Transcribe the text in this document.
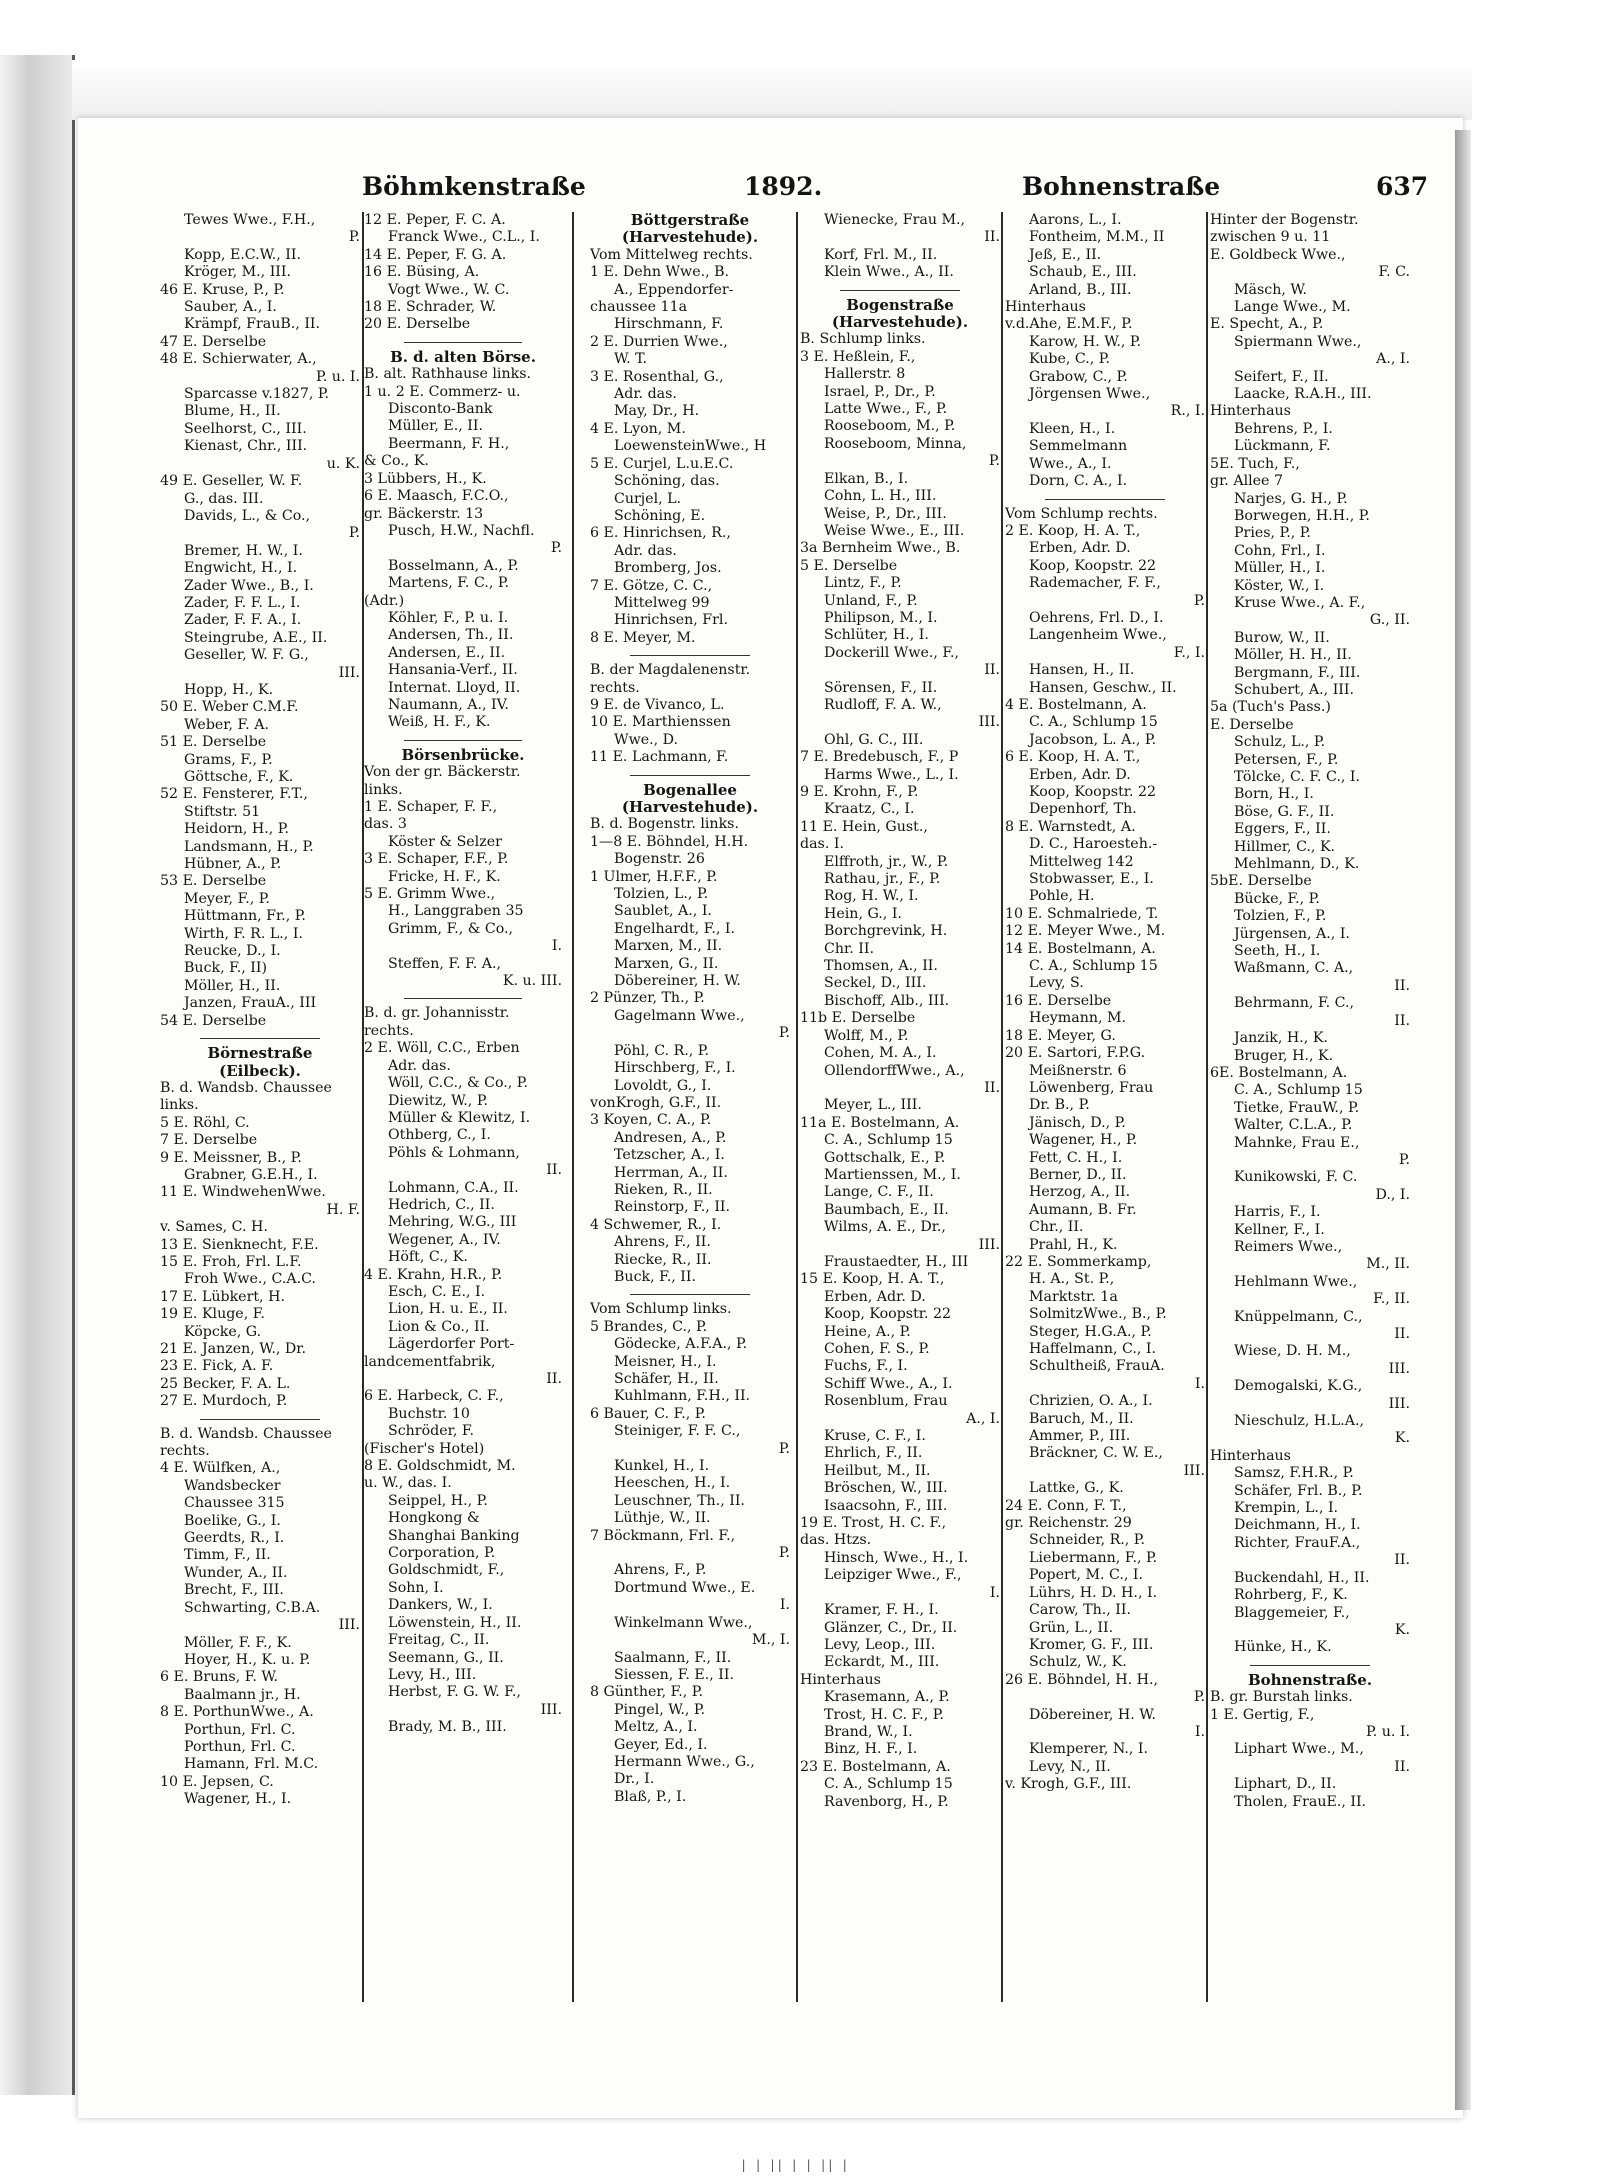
Böhmkenstraße	1892.	Bohnenstraße	637
Tewes Wwe., F.H.,
P.
Kopp, E.C.W., II.
Kröger, M., III.
46 E. Kruse, P., P.
Sauber, A., I.
Krämpf, FrauB., II.
47 E. Derselbe
48 E. Schierwater, A.,
P. u. I.
Sparcasse v.1827, P.
Blume, H., II.
Seelhorst, C., III.
Kienast, Chr., III.
u. K.
49 E. Geseller, W. F.
G., das. III.
Davids, L., & Co.,
P.
Bremer, H. W., I.
Engwicht, H., I.
Zader Wwe., B., I.
Zader, F. F. L., I.
Zader, F. F. A., I.
Steingrube, A.E., II.
Geseller, W. F. G.,
III.
Hopp, H., K.
50 E. Weber C.M.F.
Weber, F. A.
51 E. Derselbe
Grams, F., P.
Göttsche, F., K.
52 E. Fensterer, F.T.,
Stiftstr. 51
Heidorn, H., P.
Landsmann, H., P.
Hübner, A., P.
53 E. Derselbe
Meyer, F., P.
Hüttmann, Fr., P.
Wirth, F. R. L., I.
Reucke, D., I.
Buck, F., II)
Möller, H., II.
Janzen, FrauA., III
54 E. Derselbe
Börnestraße
(Eilbeck).
B. d. Wandsb. Chaussee
links.
5 E. Röhl, C.
7 E. Derselbe
9 E. Meissner, B., P.
Grabner, G.E.H., I.
11 E. WindwehenWwe.
H. F.
v. Sames, C. H.
13 E. Sienknecht, F.E.
15 E. Froh, Frl. L.F.
Froh Wwe., C.A.C.
17 E. Lübkert, H.
19 E. Kluge, F.
Köpcke, G.
21 E. Janzen, W., Dr.
23 E. Fick, A. F.
25 Becker, F. A. L.
27 E. Murdoch, P.
B. d. Wandsb. Chaussee
rechts.
4 E. Wülfken, A.,
Wandsbecker
Chaussee 315
Boelike, G., I.
Geerdts, R., I.
Timm, F., II.
Wunder, A., II.
Brecht, F., III.
Schwarting, C.B.A.
III.
Möller, F. F., K.
Hoyer, H., K. u. P.
6 E. Bruns, F. W.
Baalmann jr., H.
8 E. PorthunWwe., A.
Porthun, Frl. C.
Porthun, Frl. C.
Hamann, Frl. M.C.
10 E. Jepsen, C.
Wagener, H., I.
12 E. Peper, F. C. A.
Franck Wwe., C.L., I.
14 E. Peper, F. G. A.
16 E. Büsing, A.
Vogt Wwe., W. C.
18 E. Schrader, W.
20 E. Derselbe
B. d. alten Börse.
B. alt. Rathhause links.
1 u. 2 E. Commerz- u.
Disconto-Bank
Müller, E., II.
Beermann, F. H.,
& Co., K.
3 Lübbers, H., K.
6 E. Maasch, F.C.O.,
gr. Bäckerstr. 13
Pusch, H.W., Nachfl.
P.
Bosselmann, A., P.
Martens, F. C., P.
(Adr.)
Köhler, F., P. u. I.
Andersen, Th., II.
Andersen, E., II.
Hansania-Verf., II.
Internat. Lloyd, II.
Naumann, A., IV.
Weiß, H. F., K.
Börsenbrücke.
Von der gr. Bäckerstr.
links.
1 E. Schaper, F. F.,
das. 3
Köster & Selzer
3 E. Schaper, F.F., P.
Fricke, H. F., K.
5 E. Grimm Wwe.,
H., Langgraben 35
Grimm, F., & Co.,
I.
Steffen, F. F. A.,
K. u. III.
B. d. gr. Johannisstr.
rechts.
2 E. Wöll, C.C., Erben
Adr. das.
Wöll, C.C., & Co., P.
Diewitz, W., P.
Müller & Klewitz, I.
Othberg, C., I.
Pöhls & Lohmann,
II.
Lohmann, C.A., II.
Hedrich, C., II.
Mehring, W.G., III
Wegener, A., IV.
Höft, C., K.
4 E. Krahn, H.R., P.
Esch, C. E., I.
Lion, H. u. E., II.
Lion & Co., II.
Lägerdorfer Port-
landcementfabrik,
II.
6 E. Harbeck, C. F.,
Buchstr. 10
Schröder, F.
(Fischer's Hotel)
8 E. Goldschmidt, M.
u. W., das. I.
Seippel, H., P.
Hongkong &
Shanghai Banking
Corporation, P.
Goldschmidt, F.,
Sohn, I.
Dankers, W., I.
Löwenstein, H., II.
Freitag, C., II.
Seemann, G., II.
Levy, H., III.
Herbst, F. G. W. F.,
III.
Brady, M. B., III.
Böttgerstraße
(Harvestehude).
Vom Mittelweg rechts.
1 E. Dehn Wwe., B.
A., Eppendorfer-
chaussee 11a
Hirschmann, F.
2 E. Durrien Wwe.,
W. T.
3 E. Rosenthal, G.,
Adr. das.
May, Dr., H.
4 E. Lyon, M.
LoewensteinWwe., H
5 E. Curjel, L.u.E.C.
Schöning, das.
Curjel, L.
Schöning, E.
6 E. Hinrichsen, R.,
Adr. das.
Bromberg, Jos.
7 E. Götze, C. C.,
Mittelweg 99
Hinrichsen, Frl.
8 E. Meyer, M.
B. der Magdalenenstr.
rechts.
9 E. de Vivanco, L.
10 E. Marthienssen
Wwe., D.
11 E. Lachmann, F.
Bogenallee
(Harvestehude).
B. d. Bogenstr. links.
1—8 E. Böhndel, H.H.
Bogenstr. 26
1 Ulmer, H.F.F., P.
Tolzien, L., P.
Saublet, A., I.
Engelhardt, F., I.
Marxen, M., II.
Marxen, G., II.
Döbereiner, H. W.
2 Pünzer, Th., P.
Gagelmann Wwe.,
P.
Pöhl, C. R., P.
Hirschberg, F., I.
Lovoldt, G., I.
vonKrogh, G.F., II.
3 Koyen, C. A., P.
Andresen, A., P.
Tetzscher, A., I.
Herrman, A., II.
Rieken, R., II.
Reinstorp, F., II.
4 Schwemer, R., I.
Ahrens, F., II.
Riecke, R., II.
Buck, F., II.
Vom Schlump links.
5 Brandes, C., P.
Gödecke, A.F.A., P.
Meisner, H., I.
Schäfer, H., II.
Kuhlmann, F.H., II.
6 Bauer, C. F., P.
Steiniger, F. F. C.,
P.
Kunkel, H., I.
Heeschen, H., I.
Leuschner, Th., II.
Lüthje, W., II.
7 Böckmann, Frl. F.,
P.
Ahrens, F., P.
Dortmund Wwe., E.
I.
Winkelmann Wwe.,
M., I.
Saalmann, F., II.
Siessen, F. E., II.
8 Günther, F., P.
Pingel, W., P.
Meltz, A., I.
Geyer, Ed., I.
Hermann Wwe., G.,
Dr., I.
Blaß, P., I.
Wienecke, Frau M.,
II.
Korf, Frl. M., II.
Klein Wwe., A., II.
Bogenstraße
(Harvestehude).
B. Schlump links.
3 E. Heßlein, F.,
Hallerstr. 8
Israel, P., Dr., P.
Latte Wwe., F., P.
Rooseboom, M., P.
Rooseboom, Minna,
P.
Elkan, B., I.
Cohn, L. H., III.
Weise, P., Dr., III.
Weise Wwe., E., III.
3a Bernheim Wwe., B.
5 E. Derselbe
Lintz, F., P.
Unland, F., P.
Philipson, M., I.
Schlüter, H., I.
Dockerill Wwe., F.,
II.
Sörensen, F., II.
Rudloff, F. A. W.,
III.
Ohl, G. C., III.
7 E. Bredebusch, F., P
Harms Wwe., L., I.
9 E. Krohn, F., P.
Kraatz, C., I.
11 E. Hein, Gust.,
das. I.
Elffroth, jr., W., P.
Rathau, jr., F., P.
Rog, H. W., I.
Hein, G., I.
Borchgrevink, H.
Chr. II.
Thomsen, A., II.
Seckel, D., III.
Bischoff, Alb., III.
11b E. Derselbe
Wolff, M., P.
Cohen, M. A., I.
OllendorffWwe., A.,
II.
Meyer, L., III.
11a E. Bostelmann, A.
C. A., Schlump 15
Gottschalk, E., P.
Martienssen, M., I.
Lange, C. F., II.
Baumbach, E., II.
Wilms, A. E., Dr.,
III.
Fraustaedter, H., III
15 E. Koop, H. A. T.,
Erben, Adr. D.
Koop, Koopstr. 22
Heine, A., P.
Cohen, F. S., P.
Fuchs, F., I.
Schiff Wwe., A., I.
Rosenblum, Frau
A., I.
Kruse, C. F., I.
Ehrlich, F., II.
Heilbut, M., II.
Bröschen, W., III.
Isaacsohn, F., III.
19 E. Trost, H. C. F.,
das. Htzs.
Hinsch, Wwe., H., I.
Leipziger Wwe., F.,
I.
Kramer, F. H., I.
Glänzer, C., Dr., II.
Levy, Leop., III.
Eckardt, M., III.
Hinterhaus
Krasemann, A., P.
Trost, H. C. F., P.
Brand, W., I.
Binz, H. F., I.
23 E. Bostelmann, A.
C. A., Schlump 15
Ravenborg, H., P.
Aarons, L., I.
Fontheim, M.M., II
Jeß, E., II.
Schaub, E., III.
Arland, B., III.
Hinterhaus
v.d.Ahe, E.M.F., P.
Karow, H. W., P.
Kube, C., P.
Grabow, C., P.
Jörgensen Wwe.,
R., I.
Kleen, H., I.
Semmelmann
Wwe., A., I.
Dorn, C. A., I.
Vom Schlump rechts.
2 E. Koop, H. A. T.,
Erben, Adr. D.
Koop, Koopstr. 22
Rademacher, F. F.,
P.
Oehrens, Frl. D., I.
Langenheim Wwe.,
F., I.
Hansen, H., II.
Hansen, Geschw., II.
4 E. Bostelmann, A.
C. A., Schlump 15
Jacobson, L. A., P.
6 E. Koop, H. A. T.,
Erben, Adr. D.
Koop, Koopstr. 22
Depenhorf, Th.
8 E. Warnstedt, A.
D. C., Haroesteh.-
Mittelweg 142
Stobwasser, E., I.
Pohle, H.
10 E. Schmalriede, T.
12 E. Meyer Wwe., M.
14 E. Bostelmann, A.
C. A., Schlump 15
Levy, S.
16 E. Derselbe
Heymann, M.
18 E. Meyer, G.
20 E. Sartori, F.P.G.
Meißnerstr. 6
Löwenberg, Frau
Dr. B., P.
Jänisch, D., P.
Wagener, H., P.
Fett, C. H., I.
Berner, D., II.
Herzog, A., II.
Aumann, B. Fr.
Chr., II.
Prahl, H., K.
22 E. Sommerkamp,
H. A., St. P.,
Marktstr. 1a
SolmitzWwe., B., P.
Steger, H.G.A., P.
Haffelmann, C., I.
Schultheiß, FrauA.
I.
Chrizien, O. A., I.
Baruch, M., II.
Ammer, P., III.
Bräckner, C. W. E.,
III.
Lattke, G., K.
24 E. Conn, F. T.,
gr. Reichenstr. 29
Schneider, R., P.
Liebermann, F., P.
Popert, M. C., I.
Lührs, H. D. H., I.
Carow, Th., II.
Grün, L., II.
Kromer, G. F., III.
Schulz, W., K.
26 E. Böhndel, H. H.,
P.
Döbereiner, H. W.
I.
Klemperer, N., I.
Levy, N., II.
v. Krogh, G.F., III.
Hinter der Bogenstr.
zwischen 9 u. 11
E. Goldbeck Wwe.,
F. C.
Mäsch, W.
Lange Wwe., M.
E. Specht, A., P.
Spiermann Wwe.,
A., I.
Seifert, F., II.
Laacke, R.A.H., III.
Hinterhaus
Behrens, P., I.
Lückmann, F.
5E. Tuch, F.,
gr. Allee 7
Narjes, G. H., P.
Borwegen, H.H., P.
Pries, P., P.
Cohn, Frl., I.
Müller, H., I.
Köster, W., I.
Kruse Wwe., A. F.,
G., II.
Burow, W., II.
Möller, H. H., II.
Bergmann, F., III.
Schubert, A., III.
5a (Tuch's Pass.)
E. Derselbe
Schulz, L., P.
Petersen, F., P.
Tölcke, C. F. C., I.
Born, H., I.
Böse, G. F., II.
Eggers, F., II.
Hillmer, C., K.
Mehlmann, D., K.
5bE. Derselbe
Bücke, F., P.
Tolzien, F., P.
Jürgensen, A., I.
Seeth, H., I.
Waßmann, C. A.,
II.
Behrmann, F. C.,
II.
Janzik, H., K.
Bruger, H., K.
6E. Bostelmann, A.
C. A., Schlump 15
Tietke, FrauW., P.
Walter, C.L.A., P.
Mahnke, Frau E.,
P.
Kunikowski, F. C.
D., I.
Harris, F., I.
Kellner, F., I.
Reimers Wwe.,
M., II.
Hehlmann Wwe.,
F., II.
Knüppelmann, C.,
II.
Wiese, D. H. M.,
III.
Demogalski, K.G.,
III.
Nieschulz, H.L.A.,
K.
Hinterhaus
Samsz, F.H.R., P.
Schäfer, Frl. B., P.
Krempin, L., I.
Deichmann, H., I.
Richter, FrauF.A.,
II.
Buckendahl, H., II.
Rohrberg, F., K.
Blaggemeier, F.,
K.
Hünke, H., K.
Bohnenstraße.
B. gr. Burstah links.
1 E. Gertig, F.,
P. u. I.
Liphart Wwe., M.,
II.
Liphart, D., II.
Tholen, FrauE., II.
| | || | | || |
